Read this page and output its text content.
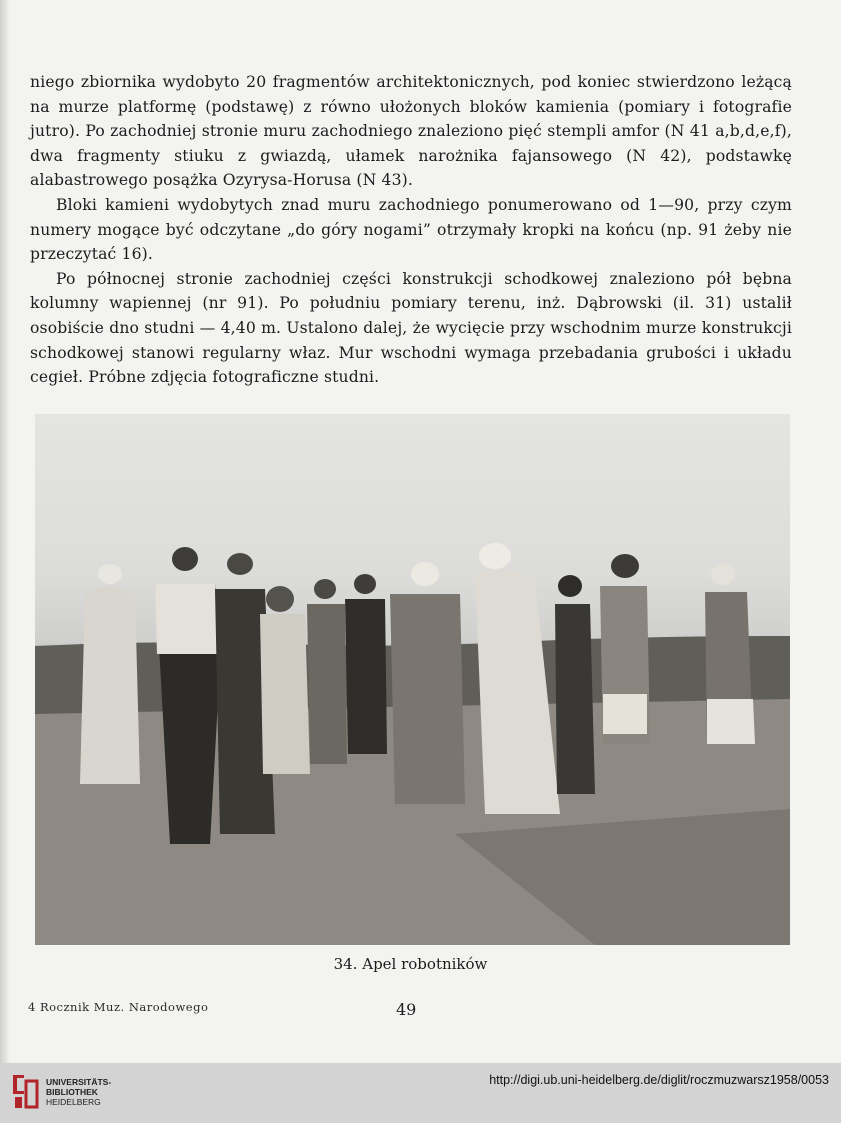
niego zbiornika wydobyto 20 fragmentów architektonicznych, pod koniec stwierdzono leżącą na murze platformę (podstawę) z równo ułożonych bloków kamienia (pomiary i fotografie jutro). Po zachodniej stronie muru zachodniego znaleziono pięć stempli amfor (N 41 a,b,d,e,f), dwa fragmenty stiuku z gwiazdą, ułamek narożnika fajansowego (N 42), podstawkę alabastrowego posążka Ozyrysa-Horusa (N 43).

Bloki kamieni wydobytych znad muru zachodniego ponumerowano od 1—90, przy czym numery mogące być odczytane „do góry nogami” otrzymały kropki na końcu (np. 91 żeby nie przeczytać 16).

Po północnej stronie zachodniej części konstrukcji schodkowej znaleziono pół bębna kolumny wapiennej (nr 91). Po południu pomiary terenu, inż. Dąbrowski (il. 31) ustalił osobiście dno studni — 4,40 m. Ustalono dalej, że wycięcie przy wschodnim murze konstrukcji schodkowej stanowi regularny właz. Mur wschodni wymaga przebadania grubości i układu cegieł. Próbne zdjęcia fotograficzne studni.

34. Apel robotników
4 Rocznik Muz. Narodowego	49
UNIVERSITÄTS-
BIBLIOTHEK
HEIDELBERG
http://digi.ub.uni-heidelberg.de/diglit/roczmuzwarsz1958/0053
